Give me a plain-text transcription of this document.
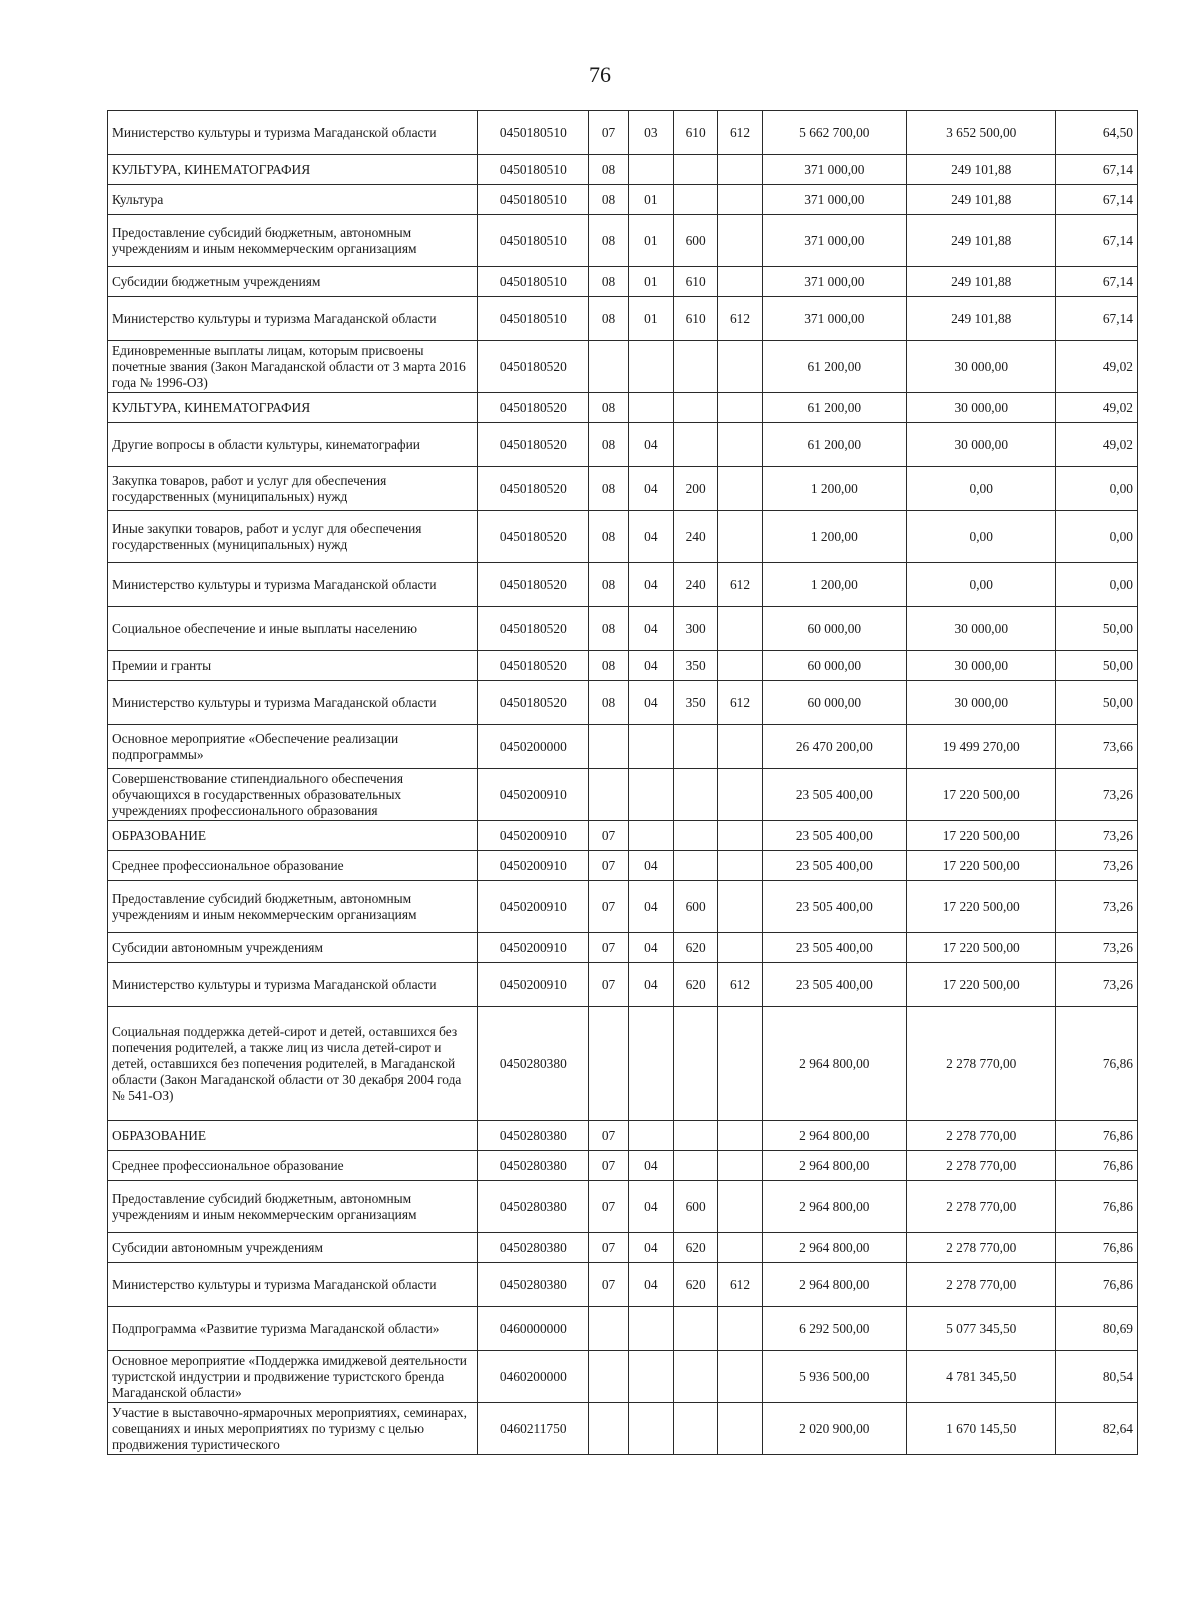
76
Министерство культуры и туризма Магаданской области	0450180510	07	03	610	612	5 662 700,00	3 652 500,00	64,50
КУЛЬТУРА, КИНЕМАТОГРАФИЯ	0450180510	08				371 000,00	249 101,88	67,14
Культура	0450180510	08	01			371 000,00	249 101,88	67,14
Предоставление субсидий бюджетным, автономным учреждениям и иным некоммерческим организациям	0450180510	08	01	600		371 000,00	249 101,88	67,14
Субсидии бюджетным учреждениям	0450180510	08	01	610		371 000,00	249 101,88	67,14
Министерство культуры и туризма Магаданской области	0450180510	08	01	610	612	371 000,00	249 101,88	67,14
Единовременные выплаты лицам, которым присвоены почетные звания (Закон Магаданской области от 3 марта 2016 года № 1996-ОЗ)	0450180520					61 200,00	30 000,00	49,02
КУЛЬТУРА, КИНЕМАТОГРАФИЯ	0450180520	08				61 200,00	30 000,00	49,02
Другие вопросы в области культуры, кинематографии	0450180520	08	04			61 200,00	30 000,00	49,02
Закупка товаров, работ и услуг для обеспечения государственных (муниципальных) нужд	0450180520	08	04	200		1 200,00	0,00	0,00
Иные закупки товаров, работ и услуг для обеспечения государственных (муниципальных) нужд	0450180520	08	04	240		1 200,00	0,00	0,00
Министерство культуры и туризма Магаданской области	0450180520	08	04	240	612	1 200,00	0,00	0,00
Социальное обеспечение и иные выплаты населению	0450180520	08	04	300		60 000,00	30 000,00	50,00
Премии и гранты	0450180520	08	04	350		60 000,00	30 000,00	50,00
Министерство культуры и туризма Магаданской области	0450180520	08	04	350	612	60 000,00	30 000,00	50,00
Основное мероприятие «Обеспечение реализации подпрограммы»	0450200000					26 470 200,00	19 499 270,00	73,66
Совершенствование стипендиального обеспечения обучающихся в государственных образовательных учреждениях профессионального образования	0450200910					23 505 400,00	17 220 500,00	73,26
ОБРАЗОВАНИЕ	0450200910	07				23 505 400,00	17 220 500,00	73,26
Среднее профессиональное образование	0450200910	07	04			23 505 400,00	17 220 500,00	73,26
Предоставление субсидий бюджетным, автономным учреждениям и иным некоммерческим организациям	0450200910	07	04	600		23 505 400,00	17 220 500,00	73,26
Субсидии автономным учреждениям	0450200910	07	04	620		23 505 400,00	17 220 500,00	73,26
Министерство культуры и туризма Магаданской области	0450200910	07	04	620	612	23 505 400,00	17 220 500,00	73,26
Социальная поддержка детей-сирот и детей, оставшихся без попечения родителей, а также лиц из числа детей-сирот и детей, оставшихся без попечения родителей, в Магаданской области (Закон Магаданской области от 30 декабря 2004 года № 541-ОЗ)	0450280380					2 964 800,00	2 278 770,00	76,86
ОБРАЗОВАНИЕ	0450280380	07				2 964 800,00	2 278 770,00	76,86
Среднее профессиональное образование	0450280380	07	04			2 964 800,00	2 278 770,00	76,86
Предоставление субсидий бюджетным, автономным учреждениям и иным некоммерческим организациям	0450280380	07	04	600		2 964 800,00	2 278 770,00	76,86
Субсидии автономным учреждениям	0450280380	07	04	620		2 964 800,00	2 278 770,00	76,86
Министерство культуры и туризма Магаданской области	0450280380	07	04	620	612	2 964 800,00	2 278 770,00	76,86
Подпрограмма «Развитие туризма Магаданской области»	0460000000					6 292 500,00	5 077 345,50	80,69
Основное мероприятие «Поддержка имиджевой деятельности туристской индустрии и продвижение туристского бренда Магаданской области»	0460200000					5 936 500,00	4 781 345,50	80,54
Участие в выставочно-ярмарочных мероприятиях, семинарах, совещаниях и иных мероприятиях по туризму с целью продвижения туристического	0460211750					2 020 900,00	1 670 145,50	82,64
